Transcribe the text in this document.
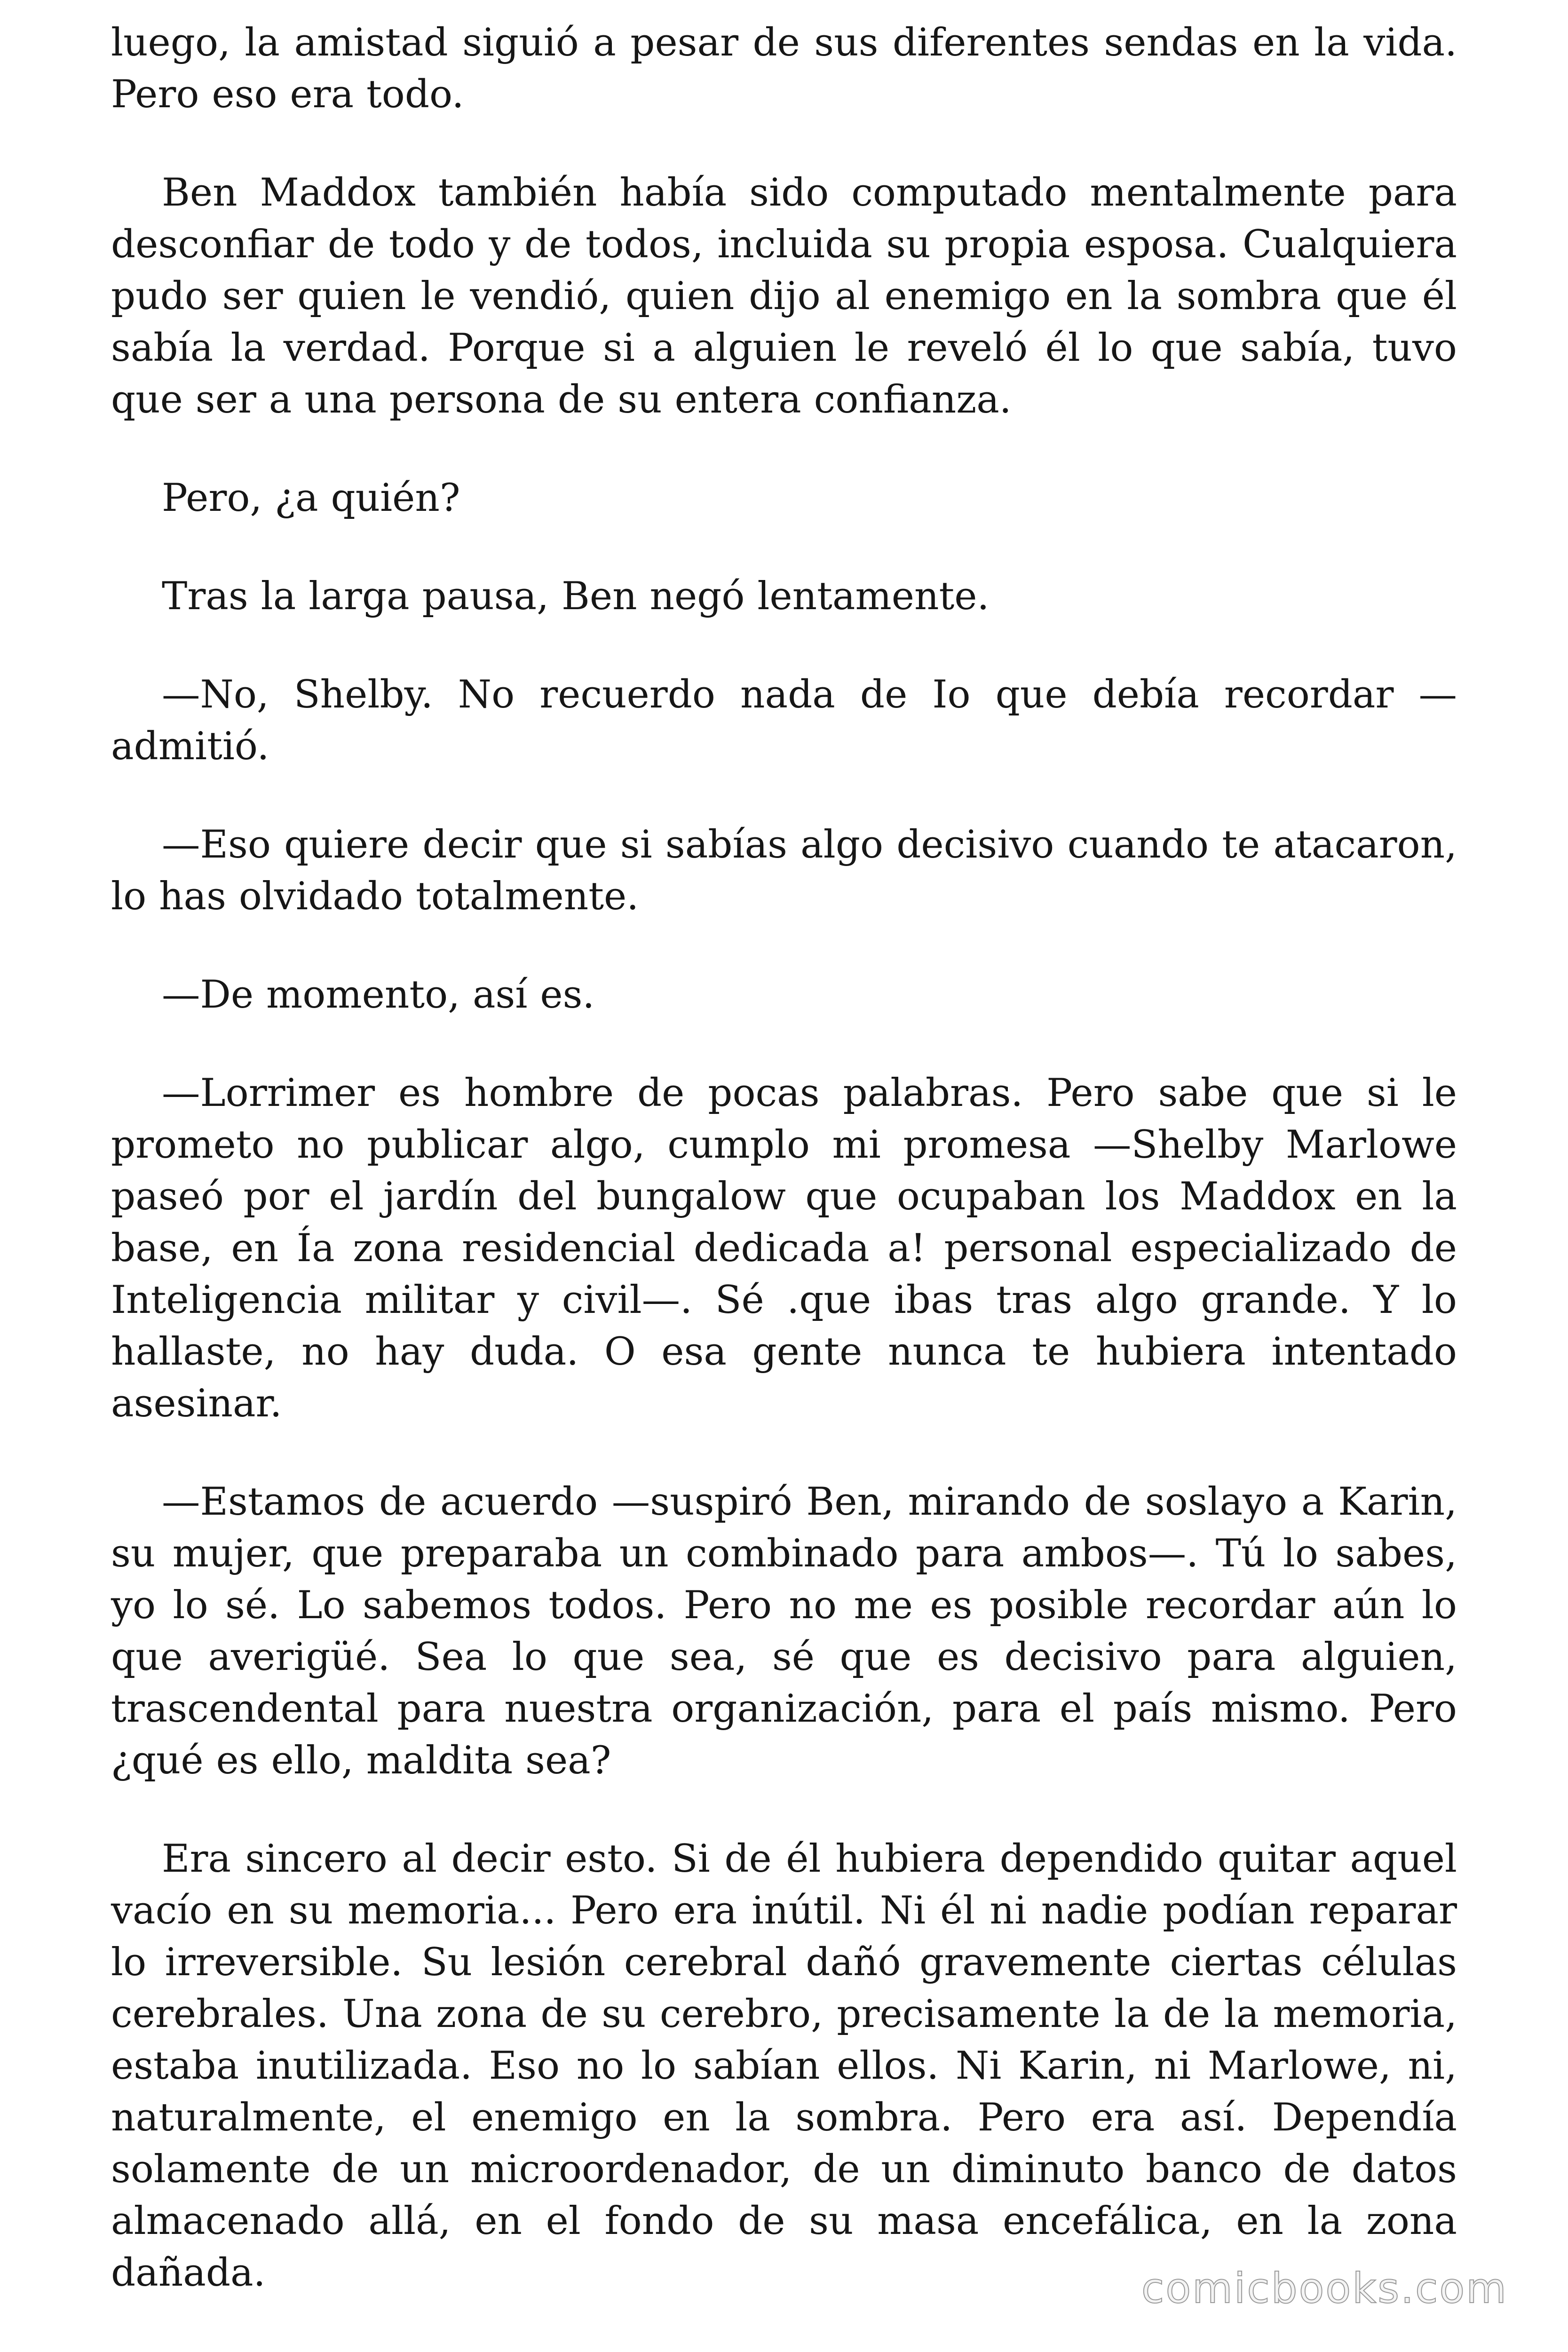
luego, la amistad siguió a pesar de sus diferentes sendas en la vida. Pero eso era todo.

Ben Maddox también había sido computado mentalmente para desconfiar de todo y de todos, incluida su propia esposa. Cualquiera pudo ser quien le vendió, quien dijo al enemigo en la sombra que él sabía la verdad. Porque si a alguien le reveló él lo que sabía, tuvo que ser a una persona de su entera confianza.

Pero, ¿a quién?

Tras la larga pausa, Ben negó lentamente.

—No, Shelby. No recuerdo nada de Io que debía recordar —admitió.

—Eso quiere decir que si sabías algo decisivo cuando te atacaron, lo has olvidado totalmente.

—De momento, así es.

—Lorrimer es hombre de pocas palabras. Pero sabe que si le prometo no publicar algo, cumplo mi promesa —Shelby Marlowe paseó por el jardín del bungalow que ocupaban los Maddox en la base, en Ía zona residencial dedicada a! personal especializado de Inteligencia militar y civil—. Sé .que ibas tras algo grande. Y lo hallaste, no hay duda. O esa gente nunca te hubiera intentado asesinar.

—Estamos de acuerdo —suspiró Ben, mirando de soslayo a Karin, su mujer, que preparaba un combinado para ambos—. Tú lo sabes, yo lo sé. Lo sabemos todos. Pero no me es posible recordar aún lo que averigüé. Sea lo que sea, sé que es decisivo para alguien, trascendental para nuestra organización, para el país mismo. Pero ¿qué es ello, maldita sea?

Era sincero al decir esto. Si de él hubiera dependido quitar aquel vacío en su memoria... Pero era inútil. Ni él ni nadie podían reparar lo irreversible. Su lesión cerebral dañó gravemente ciertas células cerebrales. Una zona de su cerebro, precisamente la de la memoria, estaba inutilizada. Eso no lo sabían ellos. Ni Karin, ni Marlowe, ni, naturalmente, el enemigo en la sombra. Pero era así. Dependía solamente de un microordenador, de un diminuto banco de datos almacenado allá, en el fondo de su masa encefálica, en la zona dañada.	comicbooks.com
